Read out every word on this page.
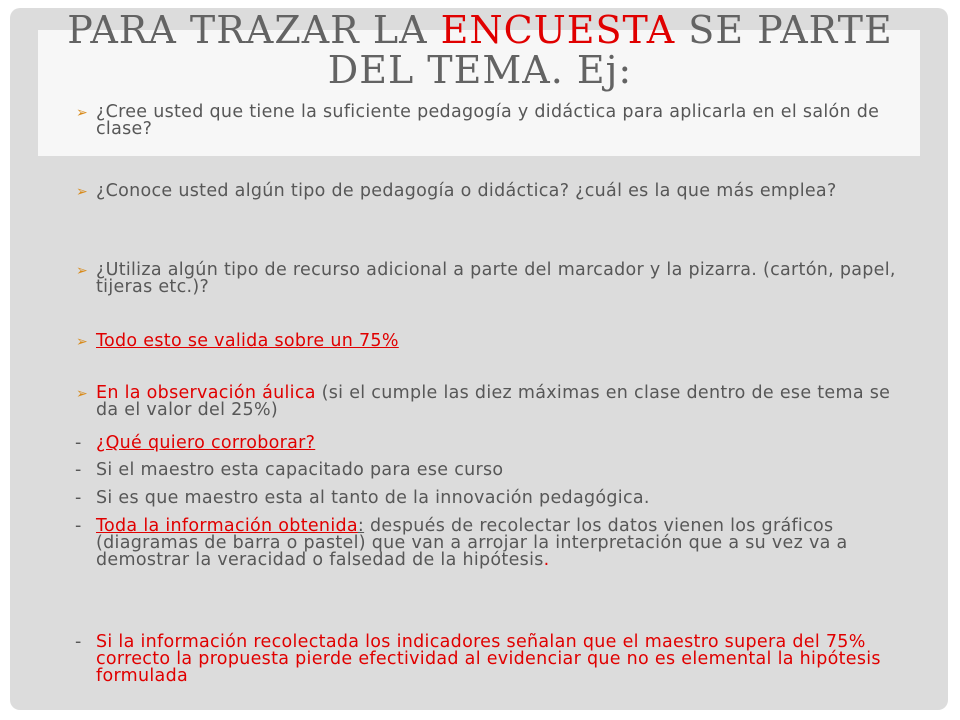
PARA TRAZAR LA ENCUESTA SE PARTE DEL TEMA. Ej:
➢ ¿Cree usted que tiene la suficiente pedagogía y didáctica para aplicarla en el salón de clase?
➢ ¿Conoce usted algún tipo de pedagogía o didáctica? ¿cuál es la que más emplea?
➢ ¿Utiliza algún tipo de recurso adicional a parte del marcador y la pizarra. (cartón, papel, tijeras etc.)?
➢ Todo esto se valida sobre un 75%
➢ En la observación áulica (si el cumple las diez máximas en clase dentro de ese tema se da el valor del 25%)
- ¿Qué quiero corroborar?
- Si el maestro esta capacitado para ese curso
- Si es que maestro esta al tanto de la innovación pedagógica.
- Toda la información obtenida: después de recolectar los datos vienen los gráficos (diagramas de barra o pastel) que van a arrojar la interpretación que a su vez va a demostrar la veracidad o falsedad de la hipótesis.
- Si la información recolectada los indicadores señalan que el maestro supera del 75% correcto la propuesta pierde efectividad al evidenciar que no es elemental la hipótesis formulada
